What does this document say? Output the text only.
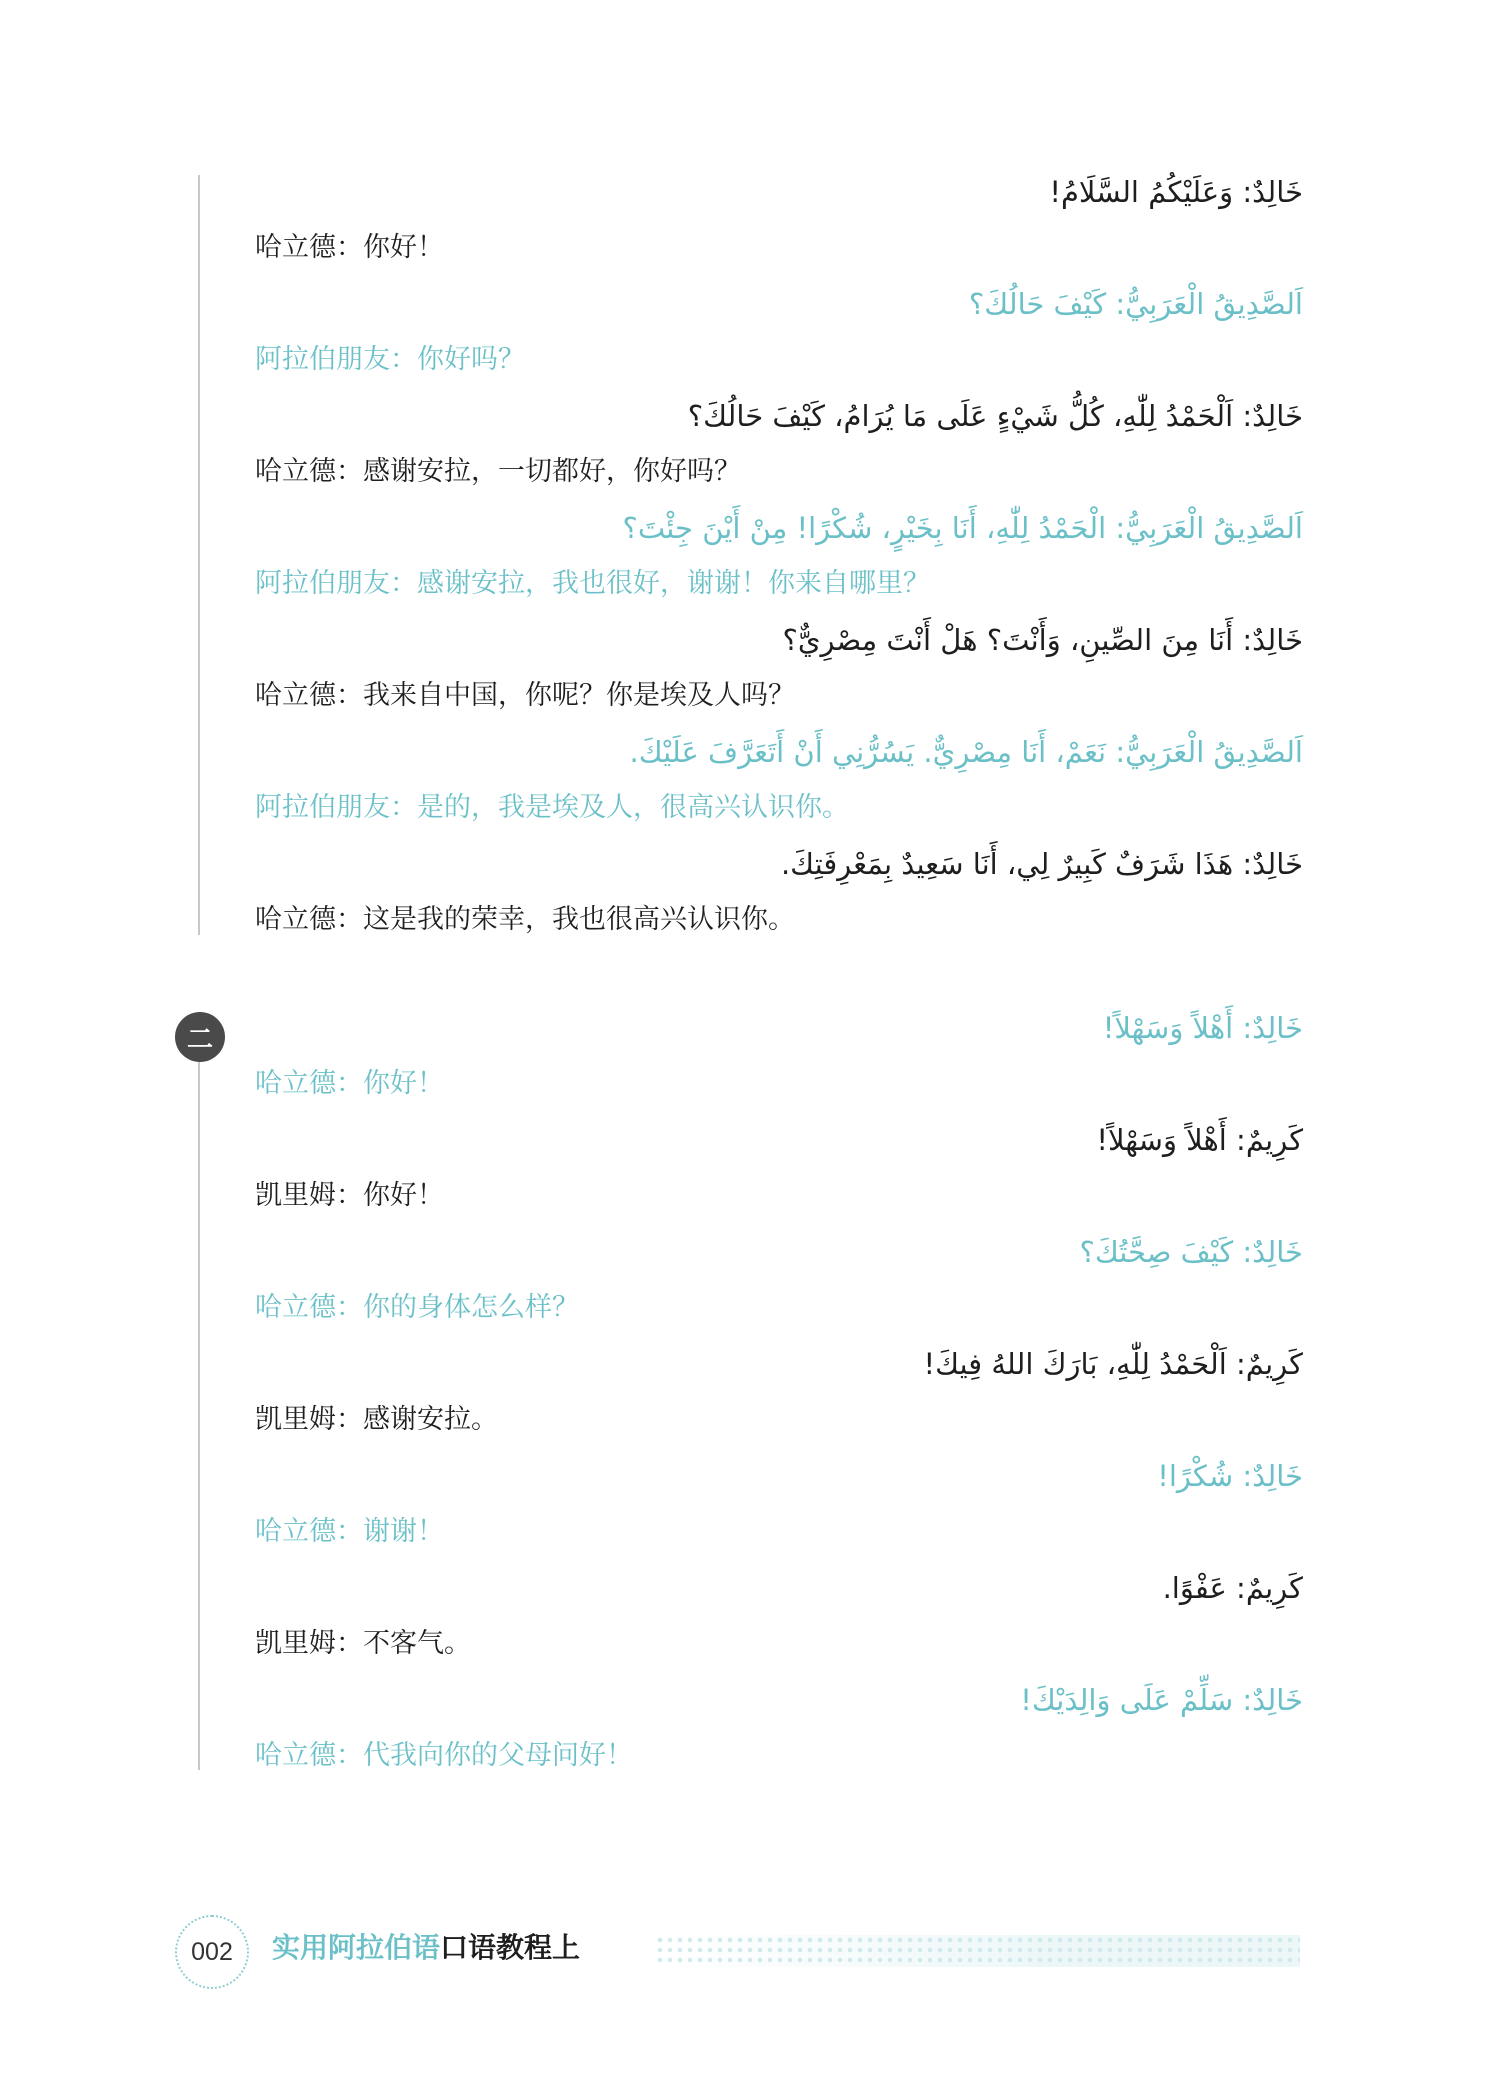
خَالِدٌ: وَعَلَيْكُمُ السَّلَامُ!
哈立德：你好！
اَلصَّدِيقُ الْعَرَبِيُّ: كَيْفَ حَالُكَ؟
阿拉伯朋友：你好吗？
خَالِدٌ: اَلْحَمْدُ لِلّٰهِ، كُلُّ شَيْءٍ عَلَى مَا يُرَامُ، كَيْفَ حَالُكَ؟
哈立德：感谢安拉，一切都好，你好吗？
اَلصَّدِيقُ الْعَرَبِيُّ: الْحَمْدُ لِلّٰهِ، أَنَا بِخَيْرٍ، شُكْرًا! مِنْ أَيْنَ جِئْتَ؟
阿拉伯朋友：感谢安拉，我也很好，谢谢！你来自哪里？
خَالِدٌ: أَنَا مِنَ الصِّينِ، وَأَنْتَ؟ هَلْ أَنْتَ مِصْرِيٌّ؟
哈立德：我来自中国，你呢？你是埃及人吗？
اَلصَّدِيقُ الْعَرَبِيُّ: نَعَمْ، أَنَا مِصْرِيٌّ. يَسُرُّنِي أَنْ أَتَعَرَّفَ عَلَيْكَ.
阿拉伯朋友：是的，我是埃及人，很高兴认识你。
خَالِدٌ: هَذَا شَرَفٌ كَبِيرٌ لِي، أَنَا سَعِيدٌ بِمَعْرِفَتِكَ.
哈立德：这是我的荣幸，我也很高兴认识你。
二	خَالِدٌ: أَهْلاً وَسَهْلاً!
哈立德：你好！
كَرِيمٌ: أَهْلاً وَسَهْلاً!
凯里姆：你好！
خَالِدٌ: كَيْفَ صِحَّتُكَ؟
哈立德：你的身体怎么样？
كَرِيمٌ: اَلْحَمْدُ لِلّٰهِ، بَارَكَ اللهُ فِيكَ!
凯里姆：感谢安拉。
خَالِدٌ: شُكْرًا!
哈立德：谢谢！
كَرِيمٌ: عَفْوًا.
凯里姆：不客气。
خَالِدٌ: سَلِّمْ عَلَى وَالِدَيْكَ!
哈立德：代我向你的父母问好！
002	实用阿拉伯语口语教程上
